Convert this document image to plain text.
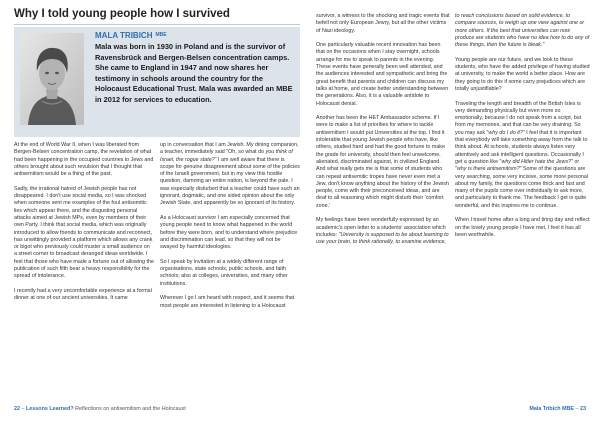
Why I told young people how I survived
MALA TRIBICH $^{MBE}$
Mala was born in 1930 in Poland and is the survivor of Ravensbrück and Bergen-Belsen concentration camps. She came to England in 1947 and now shares her testimony in schools around the country for the Holocaust Educational Trust. Mala was awarded an MBE in 2012 for services to education.

At the end of World War II, when I was liberated from Bergen-Belsen concentration camp, the revelation of what had been happening in the occupied countries to Jews and others brought about such revulsion that I thought that antisemitism would be a thing of the past.

Sadly, the irrational hatred of Jewish people has not disappeared. I don't use social media, so I was shocked when someone sent me examples of the foul antisemitic lies which appear there, and the disgusting personal attacks aimed at Jewish MPs, even by members of their own Party. I think that social media, which was originally introduced to allow friends to communicate and reconnect, has unwittingly provided a platform which allows any crank or bigot who previously could muster a small audience on a street corner to broadcast deranged ideas worldwide. I feel that those who have made a fortune out of allowing the publication of such filth bear a heavy responsibility for the spread of intolerance.

I recently had a very uncomfortable experience at a formal dinner at one of our ancient universities. It came

up in conversation that I am Jewish. My dining companion, a teacher, immediately said "Oh, so what do you think of Israel, the rogue state?" I am well aware that there is scope for genuine disagreement about some of the policies of the Israeli government, but in my view this hostile question, damning an entire nation, is beyond the pale. I was especially disturbed that a teacher could have such an ignorant, dogmatic, and one sided opinion about the only Jewish State, and apparently be so ignorant of its history.

As a Holocaust survivor I am especially concerned that young people need to know what happened in the world before they were born, and to understand where prejudice and discrimination can lead, so that they will not be swayed by harmful ideologies.

So I speak by invitation at a widely different range of organisations, state schools, public schools, and faith schools; also at colleges, universities, and many other institutions.

Wherever I go I am heard with respect, and it seems that most people are interested in listening to a Holocaust

survivor, a witness to the shocking and tragic events that befell not only European Jewry, but all the other victims of Nazi ideology.

One particularly valuable recent innovation has been that on the occasions when I stay overnight, schools arrange for me to speak to parents in the evening. These events have generally been well attended, and the audiences interested and sympathetic and bring the great benefit that parents and children can discuss my talks at home, and create better understanding between the generations. Also, it is a valuable antidote to Holocaust denial.

Another has been the HET Ambassador scheme. If I were to make a list of priorities for where to tackle antisemitism I would put Universities at the top. I find it intolerable that young Jewish people who have, like others, studied hard and had the good fortune to make the grade for university, should then feel unwelcome, alienated, discriminated against, in civilized England. And what really gets me is that some of students who can repeat antisemitic tropes have never even met a Jew, don't know anything about the history of the Jewish people, come with their preconceived ideas, and are deaf to all reasoning which might disturb their 'comfort zone.'

My feelings have been wonderfully expressed by an academic's open letter to a students' association which includes: "University is supposed to be about learning to use your brain, to think rationally, to examine evidence,

to reach conclusions based on solid evidence, to compare sources, to weigh up one view against one or more others. If the best that universities can now produce are students who have no idea how to do any of these things, then the future is bleak."

Young people are our future, and we look to these students, who have the added privilege of having studied at university, to make the world a better place. How are they going to do this if some carry prejudices which are totally unjustifiable?

Traveling the length and breadth of the British Isles is very demanding physically but even more so emotionally, because I do not speak from a script, but from my memories, and that can be very draining. So you may ask "why do I do it?" I feel that it is important that everybody will take something away from the talk to think about. At schools, students always listen very attentively and ask intelligent questions. Occasionally I get a question like "why did Hitler hate the Jews?" or "why is there antisemitism?" Some of the questions are very searching, some very incisive, some more personal about my family, the questions come thick and fast and many of the pupils come over individually to ask more, and particularly to thank me. The feedback I get is quite wonderful, and this inspires me to continue.

When I travel home after a long and tiring day and reflect on the lovely young people I have met, I feel it has all been worthwhile.

22 – Lessons Learned? Reflections on antisemitism and the Holocaust	Mala Tribich MBE – 23
